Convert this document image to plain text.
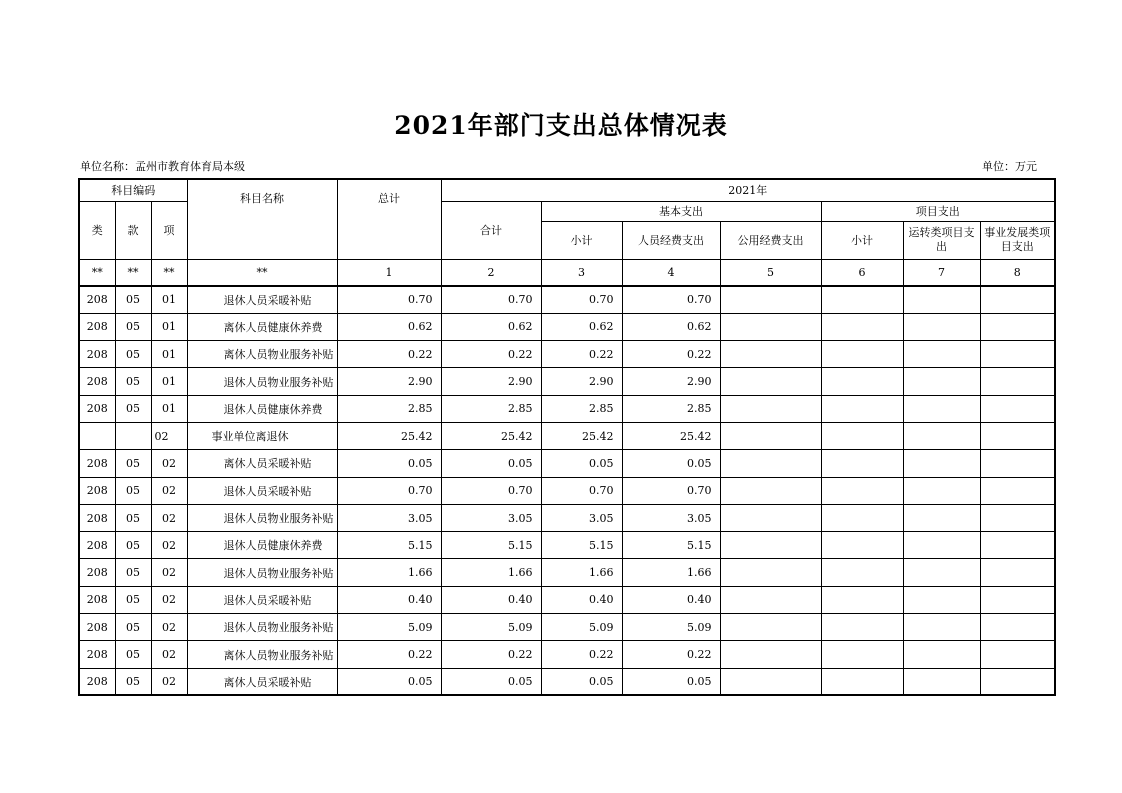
2021年部门支出总体情况表
单位名称：孟州市教育体育局本级	单位：万元
科目编码			科目名称	总计	2021年						
类	款	项			合计	基本支出			项目支出		
						小计	人员经费支出	公用经费支出	小计	运转类项目支出	事业发展类项目支出
**	**	**	**	1	2	3	4	5	6	7	8
208	05	01	退休人员采暖补贴	0.70	0.70	0.70	0.70				
208	05	01	离休人员健康休养费	0.62	0.62	0.62	0.62				
208	05	01	离休人员物业服务补贴	0.22	0.22	0.22	0.22				
208	05	01	退休人员物业服务补贴	2.90	2.90	2.90	2.90				
208	05	01	退休人员健康休养费	2.85	2.85	2.85	2.85				
		02	事业单位离退休	25.42	25.42	25.42	25.42				
208	05	02	离休人员采暖补贴	0.05	0.05	0.05	0.05				
208	05	02	退休人员采暖补贴	0.70	0.70	0.70	0.70				
208	05	02	退休人员物业服务补贴	3.05	3.05	3.05	3.05				
208	05	02	退休人员健康休养费	5.15	5.15	5.15	5.15				
208	05	02	退休人员物业服务补贴	1.66	1.66	1.66	1.66				
208	05	02	退休人员采暖补贴	0.40	0.40	0.40	0.40				
208	05	02	退休人员物业服务补贴	5.09	5.09	5.09	5.09				
208	05	02	离休人员物业服务补贴	0.22	0.22	0.22	0.22				
208	05	02	离休人员采暖补贴	0.05	0.05	0.05	0.05				
